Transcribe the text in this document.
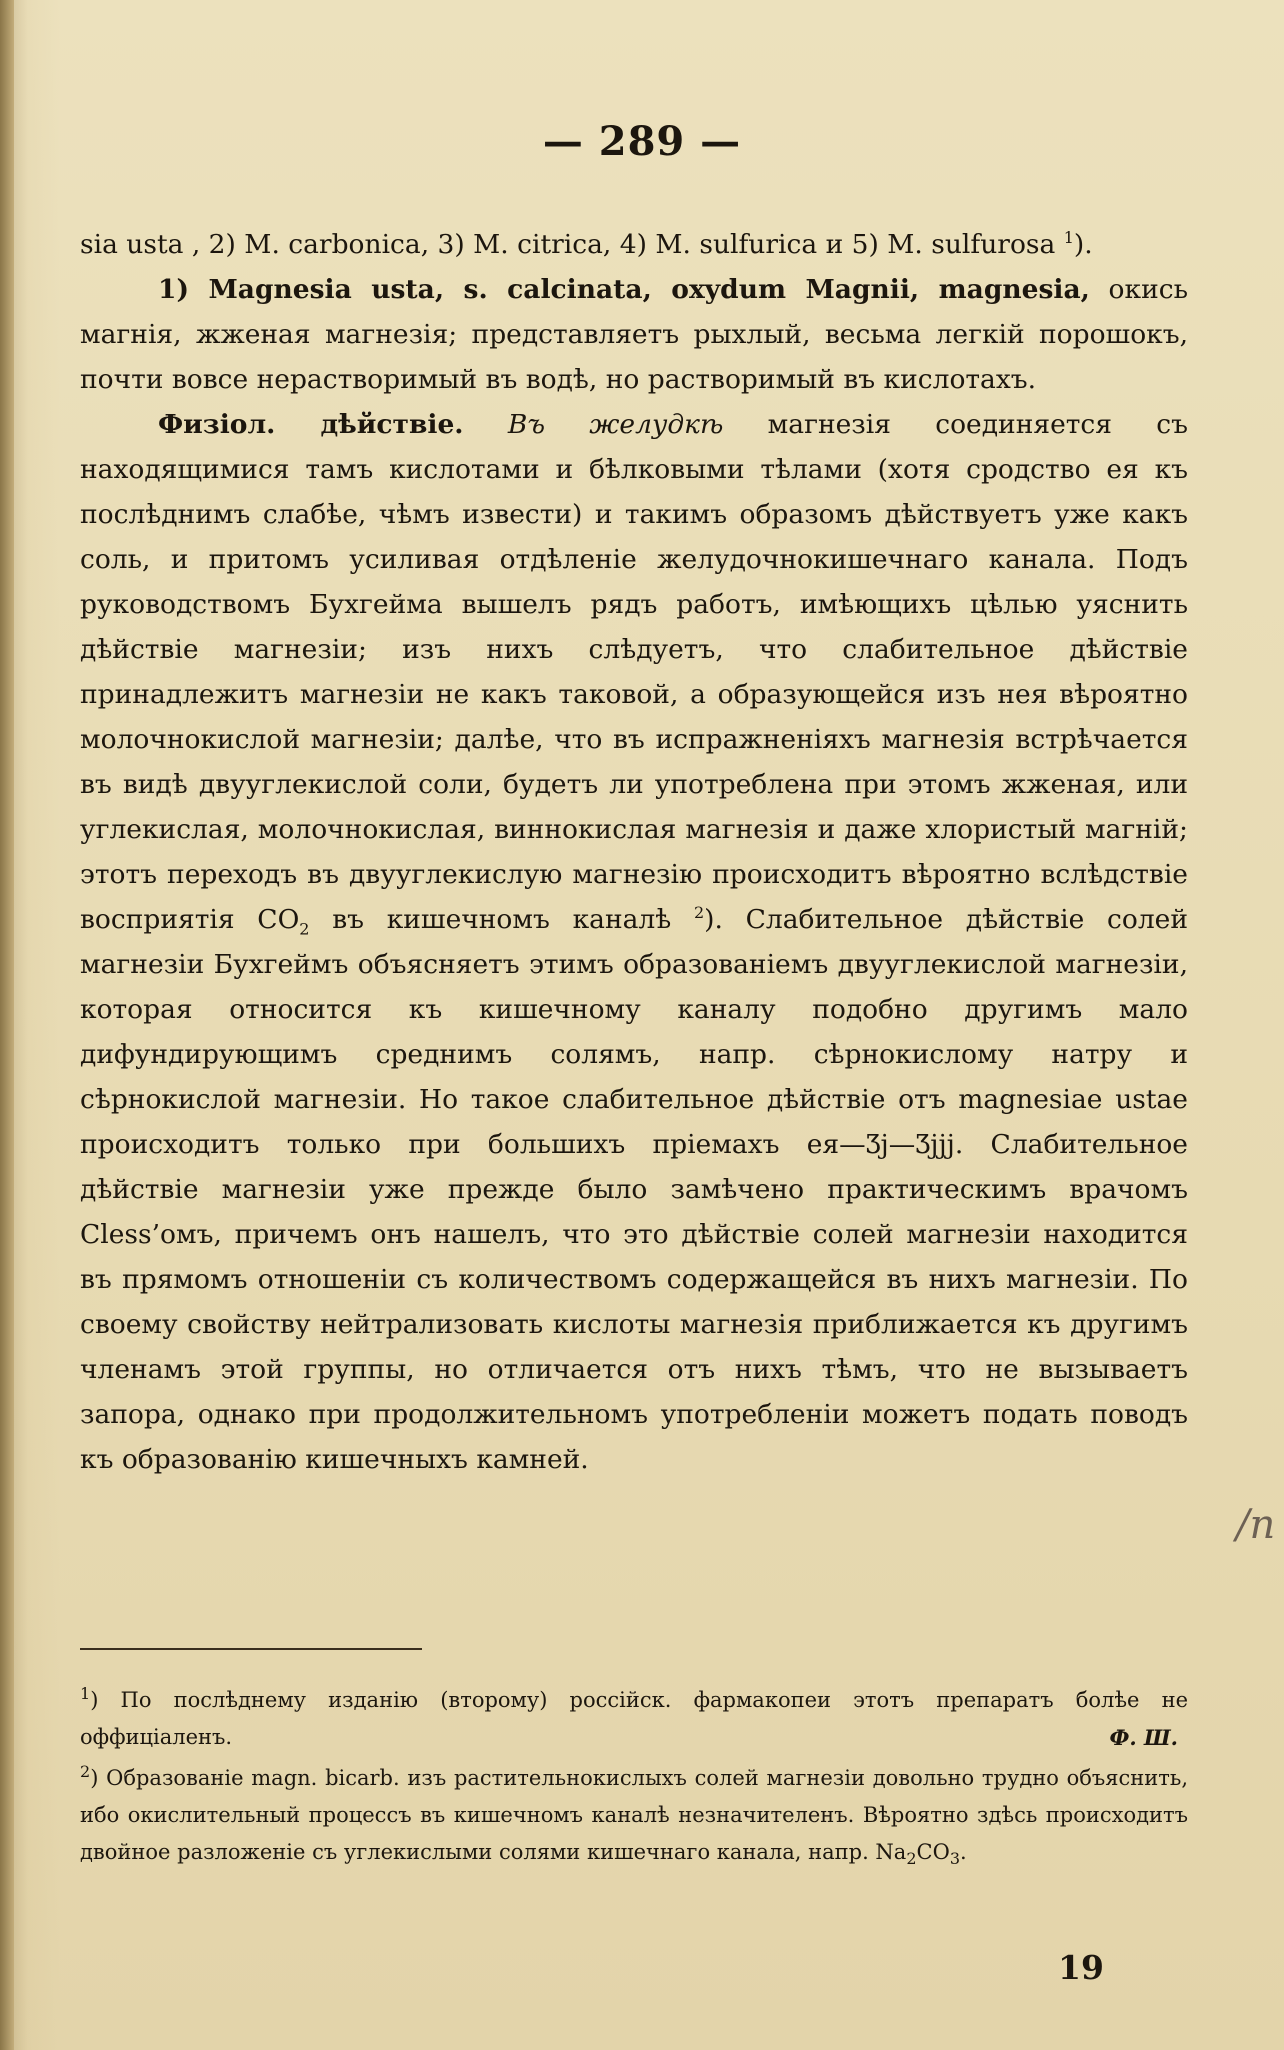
— 289 —

sia usta , 2) M. carbonica, 3) M. citrica, 4) M. sulfurica и 5) M. sulfurosa $^1$).

1) Magnesia usta, s. calcinata, oxydum Magnii, magnesia, окись магнія, жженая магнезія; представляетъ рыхлый, весьма легкій порошокъ, почти вовсе нерастворимый въ водѣ, но растворимый въ кислотахъ.

Физіол. дѣйствіе. Въ желудкѣ магнезія соединяется съ находящимися тамъ кислотами и бѣлковыми тѣлами (хотя сродство ея къ послѣднимъ слабѣе, чѣмъ извести) и такимъ образомъ дѣйствуетъ уже какъ соль, и притомъ усиливая отдѣленіе желудочнокишечнаго канала. Подъ руководствомъ Бухгейма вышелъ рядъ работъ, имѣющихъ цѣлью уяснить дѣйствіе магнезіи; изъ нихъ слѣдуетъ, что слабительное дѣйствіе принадлежитъ магнезіи не какъ таковой, а образующейся изъ нея вѣроятно молочнокислой магнезіи; далѣе, что въ испражненіяхъ магнезія встрѣчается въ видѣ двууглекислой соли, будетъ ли употреблена при этомъ жженая, или углекислая, молочнокислая, виннокислая магнезія и даже хлористый магній; этотъ переходъ въ двууглекислую магнезію происходитъ вѣроятно вслѣдствіе восприятія $CO_2$ въ кишечномъ каналѣ $^2$). Слабительное дѣйствіе солей магнезіи Бухгеймъ объясняетъ этимъ образованіемъ двууглекислой магнезіи, которая относится къ кишечному каналу подобно другимъ мало дифундирующимъ среднимъ солямъ, напр. сѣрнокислому натру и сѣрнокислой магнезіи. Но такое слабительное дѣйствіе отъ magnesiae ustae происходитъ только при большихъ пріемахъ ея—Ʒj—Ʒjjj. Слабительное дѣйствіе магнезіи уже прежде было замѣчено практическимъ врачомъ Cless’омъ, причемъ онъ нашелъ, что это дѣйствіе солей магнезіи находится въ прямомъ отношеніи съ количествомъ содержащейся въ нихъ магнезіи. По своему свойству нейтрализовать кислоты магнезія приближается къ другимъ членамъ этой группы, но отличается отъ нихъ тѣмъ, что не вызываетъ запора, однако при продолжительномъ употребленіи можетъ подать поводъ къ образованію кишечныхъ камней.

/n

$^1$) По послѣднему изданію (второму) россійск. фармакопеи этотъ препаратъ болѣе не оффиціаленъ.	Ф. Ш.

$^2$) Образованіе magn. bicarb. изъ растительнокислыхъ солей магнезіи довольно трудно объяснить, ибо окислительный процессъ въ кишечномъ каналѣ незначителенъ. Вѣроятно здѣсь происходитъ двойное разложеніе съ углекислыми солями кишечнаго канала, напр. $Na_2CO_3$.

19
